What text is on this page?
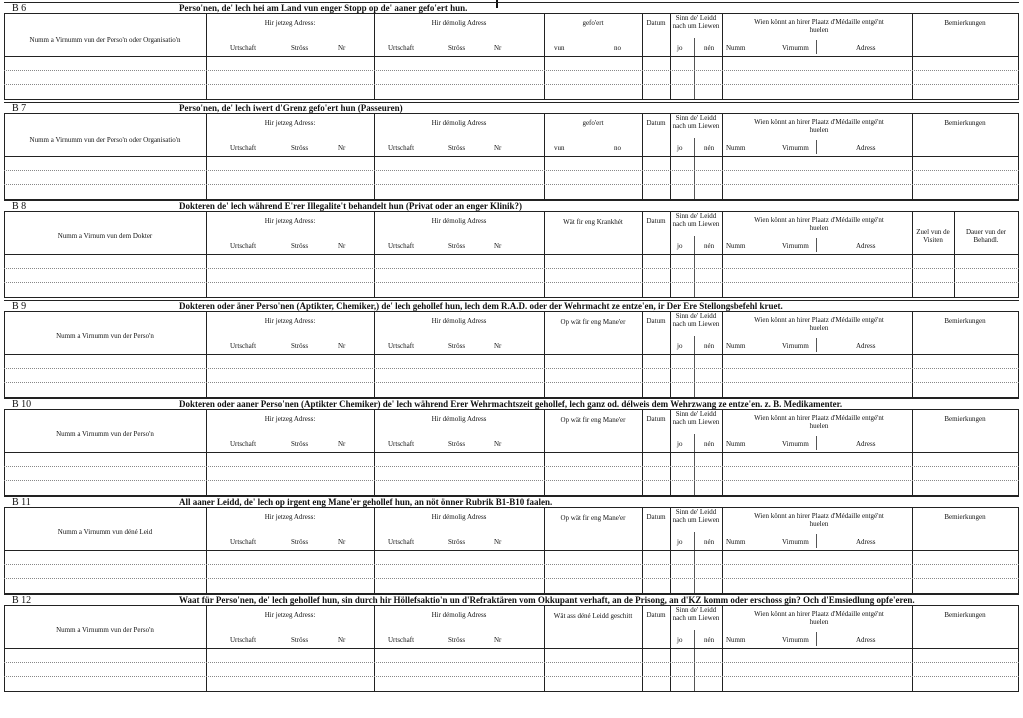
B 6	Perso'nen, de' lech hei am Land vun enger Stopp op de' aaner gefo'ert hun.
Numm a Virnumm vun der Perso'n oder Organisatio'n
Hir jetzeg Adress:
Urtschaft	Ströss	Nr
Hir démolig Adress
Urtschaft	Ströss	Nr
gefo'ert
vun	no
Datum
Sinn de' Leidd nach um Liewen
jo	nén
Wien könnt an hirer Plaatz d'Médaille entgé'nt huelen
Numm	Virnumm	Adress
Bemierkungen
B 7	Perso'nen, de' lech iwert d'Grenz gefo'ert hun (Passeuren)
Numm a Virnumm vun der Perso'n oder Organisatio'n
Hir jetzeg Adress:
Urtschaft	Ströss	Nr
Hir démolig Adress
Urtschaft	Ströss	Nr
gefo'ert
vun	no
Datum
Sinn de' Leidd nach um Liewen
jo	nén
Wien könnt an hirer Plaatz d'Médaille entgé'nt huelen
Numm	Virnumm	Adress
Bemierkungen
B 8	Dokteren de' lech während E'rer Illegalite't behandelt hun (Privat oder an enger Klinik?)
Numm a Virnum vun dem Dokter
Hir jetzeg Adress:
Urtschaft	Ströss	Nr
Hir démolig Adress
Urtschaft	Ströss	Nr
Wät fir eng Krankhét	Datum
Sinn de' Leidd nach um Liewen
jo	nén
Wien könnt an hirer Plaatz d'Médaille entgé'nt huelen
Numm	Virnumm	Adress
Zuel vun de Visiten
Dauer vun der Behandl.
B 9	Dokteren oder äner Perso'nen (Aptikter, Chemiker,) de' lech gehollef hun, lech dem R.A.D. oder der Wehrmacht ze entze'en, ir Der Ere Stellongsbefehl kruet.
Numm a Virnumm vun der Perso'n
Hir jetzeg Adress:
Urtschaft	Ströss	Nr
Hir démolig Adress
Urtschaft	Ströss	Nr
Op wät fir eng Mane'er	Datum
Sinn de' Leidd nach um Liewen
jo	nén
Wien könnt an hirer Plaatz d'Médaille entgé'nt huelen
Numm	Virnumm	Adress
Bemierkungen
B 10	Dokteren oder aaner Perso'nen (Aptikter Chemiker) de' lech während Erer Wehrmachtszeit gehollef, lech ganz od. délweis dem Wehrzwang ze entze'en. z. B. Medikamenter.
Numm a Virnumm vun der Perso'n
Hir jetzeg Adress:
Urtschaft	Ströss	Nr
Hir démolig Adress
Urtschaft	Ströss	Nr
Op wät fir eng Mane'er	Datum
Sinn de' Leidd nach um Liewen
jo	nén
Wien könnt an hirer Plaatz d'Médaille entgé'nt huelen
Numm	Virnumm	Adress
Bemierkungen
B 11	All aaner Leidd, de' lech op irgent eng Mane'er gehollef hun, an nöt önner Rubrik B1-B10 faalen.
Numm a Virnumm vun déné Leid
Hir jetzeg Adress:
Urtschaft	Ströss	Nr
Hir démolig Adress
Urtschaft	Ströss	Nr
Op wät fir eng Mane'er	Datum
Sinn de' Leidd nach um Liewen
jo	nén
Wien könnt an hirer Plaatz d'Médaille entgé'nt huelen
Numm	Virnumm	Adress
Bemierkungen
B 12	Waat für Perso'nen, de' lech gehollef hun, sin durch hir Höllefsaktio'n un d'Refraktären vom Okkupant verhaft, an de Prisong, an d'KZ komm oder erschoss gin? Och d'Emsiedlung opfe'eren.
Numm a Virnumm vun der Perso'n
Hir jetzeg Adress:
Urtschaft	Ströss	Nr
Hir démolig Adress
Urtschaft	Ströss	Nr
Wät ass déné Leidd geschitt	Datum
Sinn de' Leidd nach um Liewen
jo	nén
Wien könnt an hirer Plaatz d'Médaille entgé'nt huelen
Numm	Virnumm	Adress
Bemierkungen
